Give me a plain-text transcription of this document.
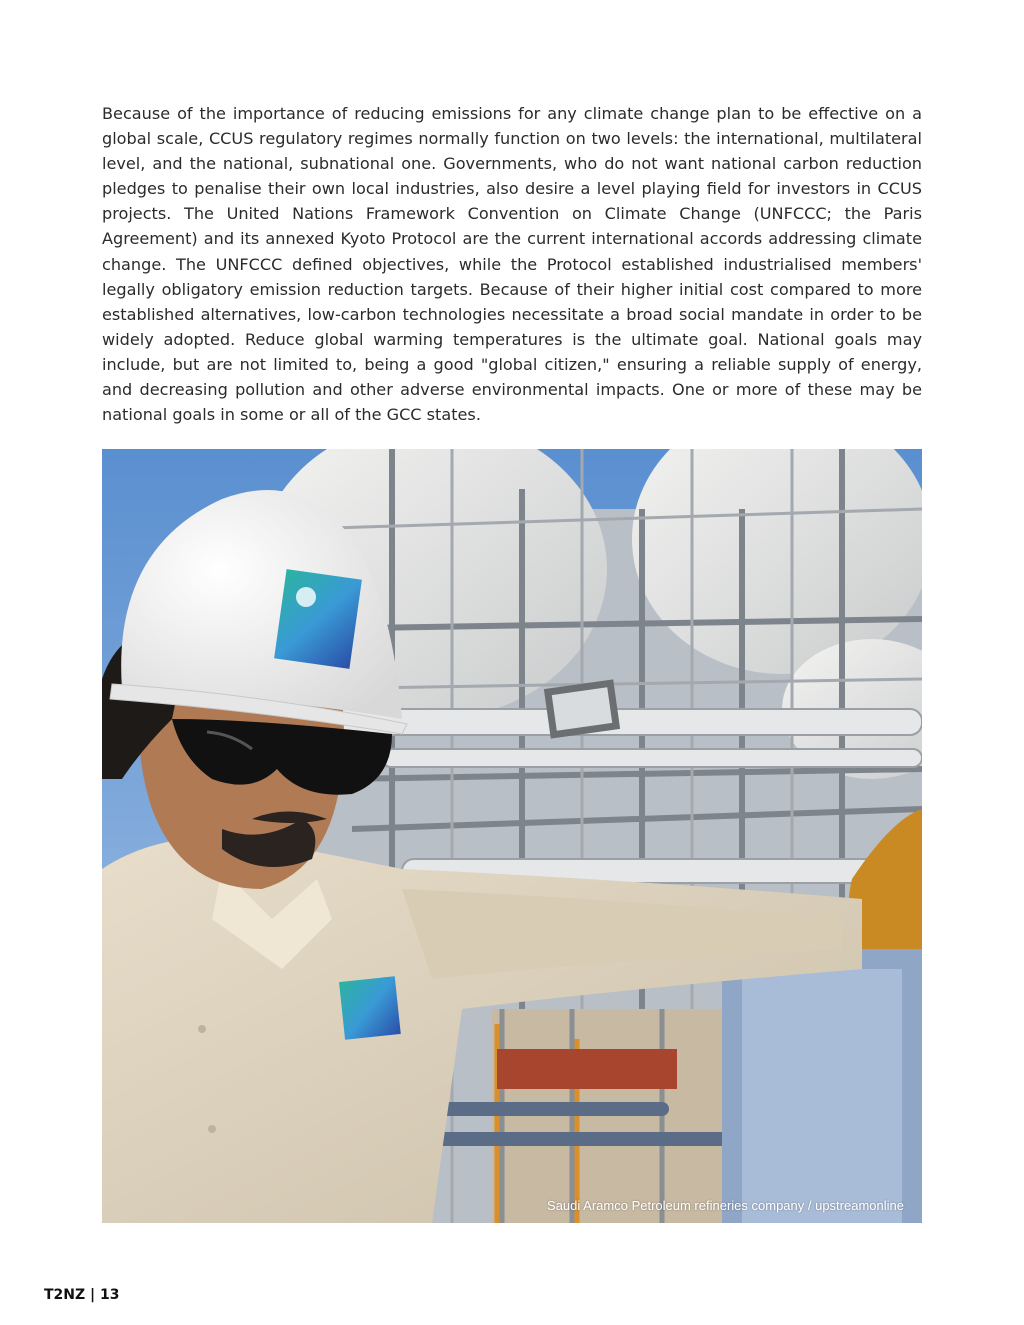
Because of the importance of reducing emissions for any climate change plan to be effective on a global scale, CCUS regulatory regimes normally function on two levels: the international, multilateral level, and the national, subnational one. Governments, who do not want national carbon reduction pledges to penalise their own local industries, also desire a level playing field for investors in CCUS projects. The United Nations Framework Convention on Climate Change (UNFCCC; the Paris Agreement) and its annexed Kyoto Protocol are the current international accords addressing climate change. The UNFCCC defined objectives, while the Protocol established industrialised members' legally obligatory emission reduction targets. Because of their higher initial cost compared to more established alternatives, low-carbon technologies necessitate a broad social mandate in order to be widely adopted. Reduce global warming temperatures is the ultimate goal. National goals may include, but are not limited to, being a good "global citizen," ensuring a reliable supply of energy, and decreasing pollution and other adverse environmental impacts. One or more of these may be national goals in some or all of the GCC states.

Saudi Aramco Petroleum refineries company / upstreamonline
T2NZ | 13
